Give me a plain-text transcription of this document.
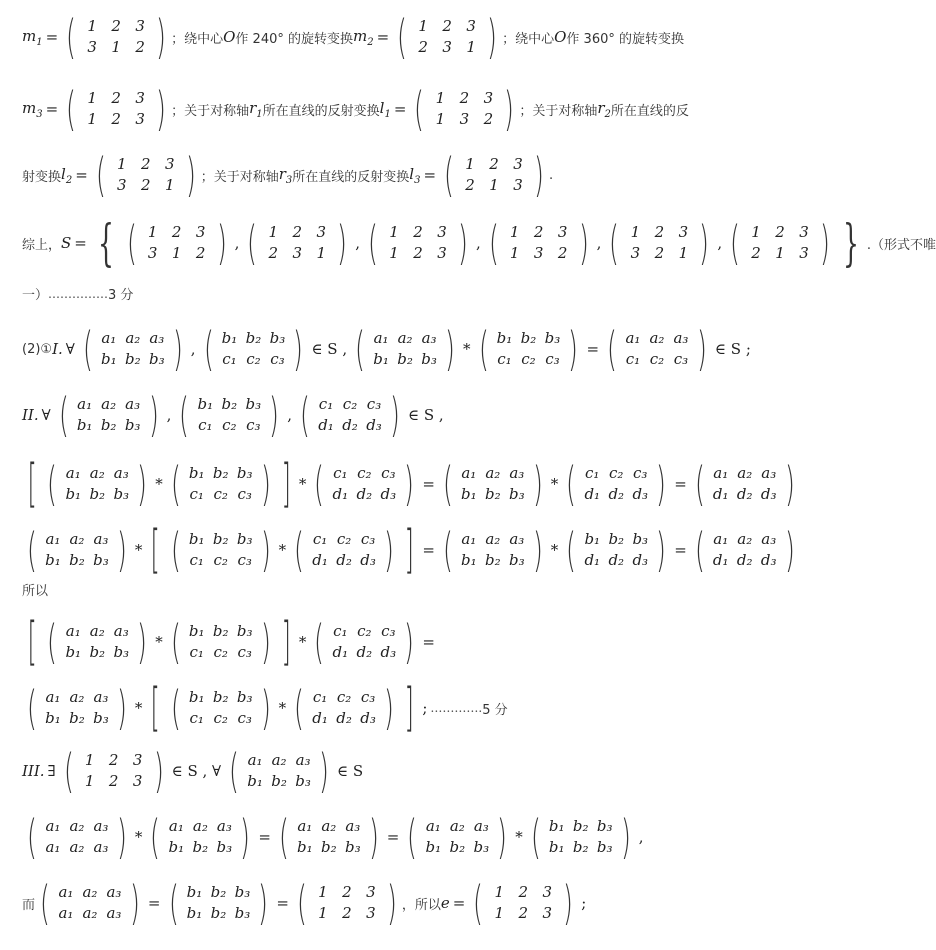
$m_1$ = ( 1 2 3
3 1 2 ) ；绕中心 O 作 240° 的旋转变换 $m_2$ = ( 1 2 3
2 3 1 ) ；绕中心 O 作 360° 的旋转变换
$m_3$ = ( 1 2 3
1 2 3 ) ；关于对称轴 $r_1$ 所在直线的反射变换 $l_1$ = ( 1 2 3
1 3 2 ) ；关于对称轴 $r_2$ 所在直线的反
射变换 $l_2$ = ( 1 2 3
3 2 1 ) ；关于对称轴 $r_3$ 所在直线的反射变换 $l_3$ = ( 1 2 3
2 1 3 ) .
综上， S = { ( 1 2 3
3 1 2 ) , ( 1 2 3
2 3 1 ) , ( 1 2 3
1 2 3 ) , ( 1 2 3
1 3 2 ) , ( 1 2 3
3 2 1 ) , ( 1 2 3
2 1 3 ) } .（形式不唯
一） …………… 3 分
(2)① I. ∀ ( a₁ a₂ a₃
b₁ b₂ b₃ ) , ( b₁ b₂ b₃
c₁ c₂ c₃ ) ∈ S , ( a₁ a₂ a₃
b₁ b₂ b₃ ) * ( b₁ b₂ b₃
c₁ c₂ c₃ ) = ( a₁ a₂ a₃
c₁ c₂ c₃ ) ∈ S ;
II. ∀ ( a₁ a₂ a₃
b₁ b₂ b₃ ) , ( b₁ b₂ b₃
c₁ c₂ c₃ ) , ( c₁ c₂ c₃
d₁ d₂ d₃ ) ∈ S ,
[ ( a₁ a₂ a₃
b₁ b₂ b₃ ) * ( b₁ b₂ b₃
c₁ c₂ c₃ ) ] * ( c₁ c₂ c₃
d₁ d₂ d₃ ) = ( a₁ a₂ a₃
b₁ b₂ b₃ ) * ( c₁ c₂ c₃
d₁ d₂ d₃ ) = ( a₁ a₂ a₃
d₁ d₂ d₃ )
( a₁ a₂ a₃
b₁ b₂ b₃ ) * [ ( b₁ b₂ b₃
c₁ c₂ c₃ ) * ( c₁ c₂ c₃
d₁ d₂ d₃ ) ] = ( a₁ a₂ a₃
b₁ b₂ b₃ ) * ( b₁ b₂ b₃
d₁ d₂ d₃ ) = ( a₁ a₂ a₃
d₁ d₂ d₃ )
所以
[ ( a₁ a₂ a₃
b₁ b₂ b₃ ) * ( b₁ b₂ b₃
c₁ c₂ c₃ ) ] * ( c₁ c₂ c₃
d₁ d₂ d₃ ) =
( a₁ a₂ a₃
b₁ b₂ b₃ ) * [ ( b₁ b₂ b₃
c₁ c₂ c₃ ) * ( c₁ c₂ c₃
d₁ d₂ d₃ ) ] ; …………. 5 分
III. ∃ ( 1 2 3
1 2 3 ) ∈ S , ∀ ( a₁ a₂ a₃
b₁ b₂ b₃ ) ∈ S
( a₁ a₂ a₃
a₁ a₂ a₃ ) * ( a₁ a₂ a₃
b₁ b₂ b₃ ) = ( a₁ a₂ a₃
b₁ b₂ b₃ ) = ( a₁ a₂ a₃
b₁ b₂ b₃ ) * ( b₁ b₂ b₃
b₁ b₂ b₃ ) ,
而 ( a₁ a₂ a₃
a₁ a₂ a₃ ) = ( b₁ b₂ b₃
b₁ b₂ b₃ ) = ( 1 2 3
1 2 3 ) ，所以 e = ( 1 2 3
1 2 3 ) ;
